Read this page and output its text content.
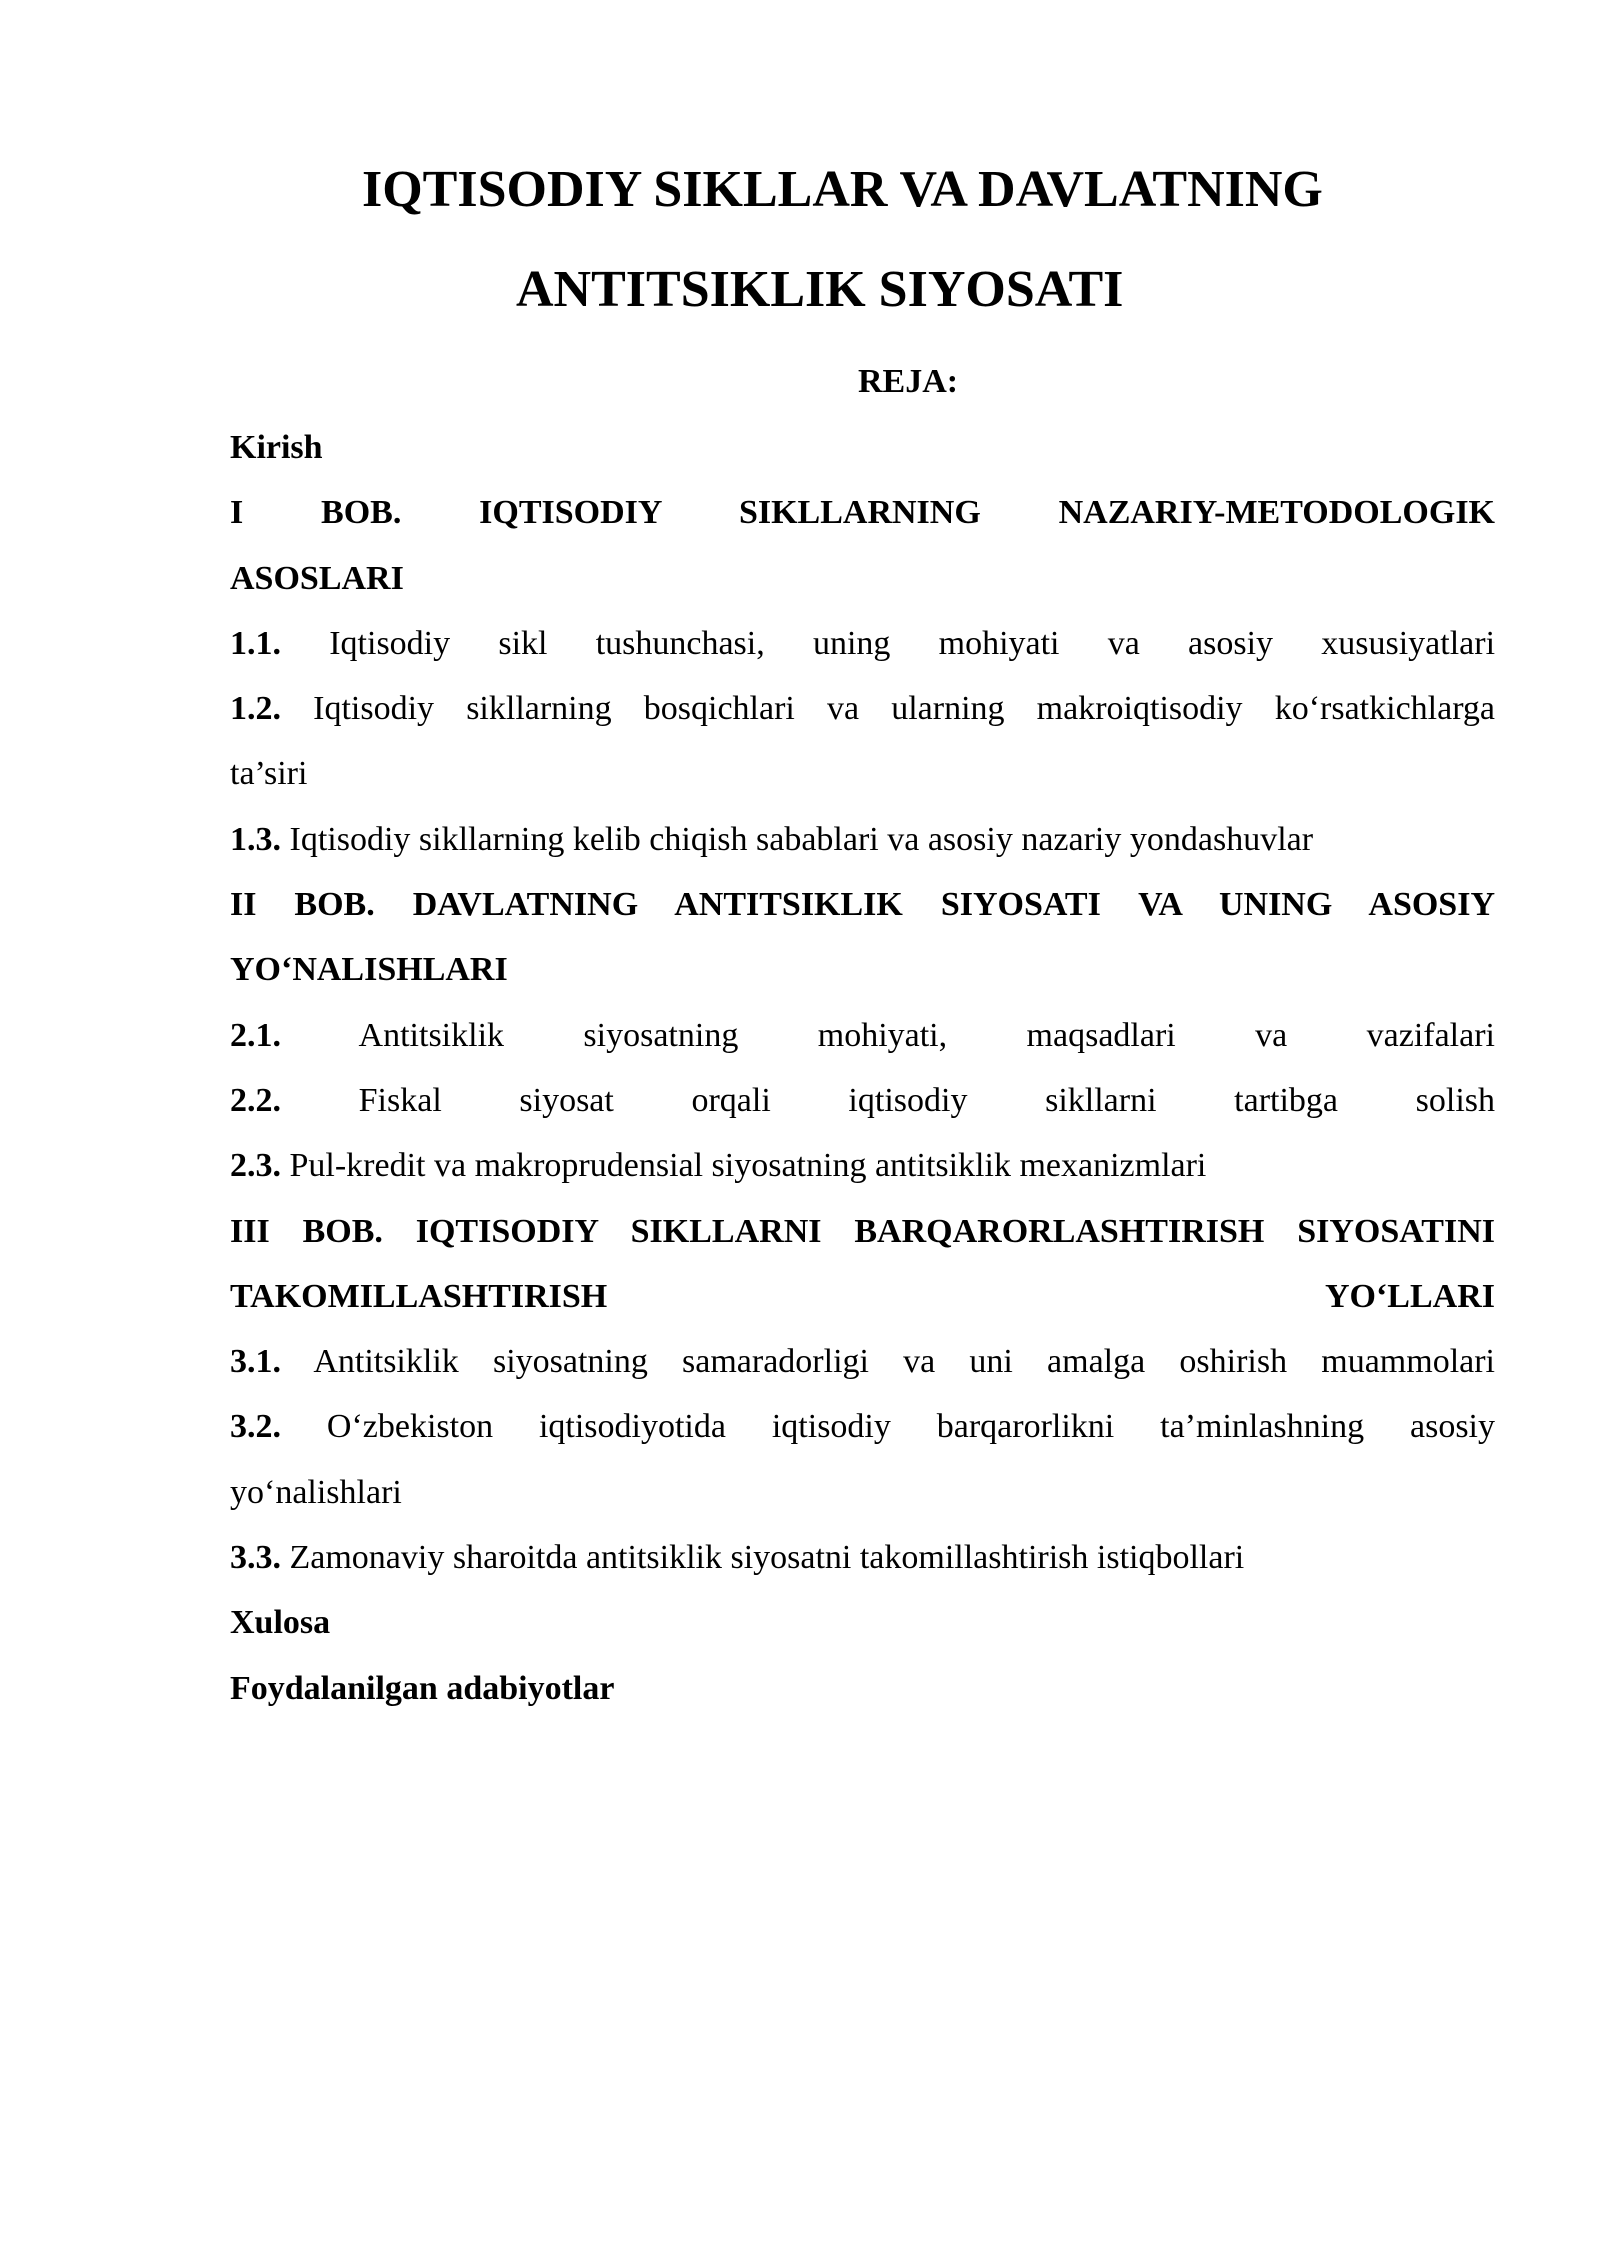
IQTISODIY SIKLLAR VA DAVLATNING
ANTITSIKLIK SIYOSATI
REJA:

Kirish

I BOB. IQTISODIY SIKLLARNING NAZARIY-METODOLOGIK

ASOSLARI

1.1. Iqtisodiy sikl tushunchasi, uning mohiyati va asosiy xususiyatlari

1.2. Iqtisodiy sikllarning bosqichlari va ularning makroiqtisodiy ko‘rsatkichlarga

ta’siri

1.3. Iqtisodiy sikllarning kelib chiqish sabablari va asosiy nazariy yondashuvlar

II BOB. DAVLATNING ANTITSIKLIK SIYOSATI VA UNING ASOSIY

YO‘NALISHLARI

2.1. Antitsiklik siyosatning mohiyati, maqsadlari va vazifalari

2.2. Fiskal siyosat orqali iqtisodiy sikllarni tartibga solish

2.3. Pul-kredit va makroprudensial siyosatning antitsiklik mexanizmlari

III BOB. IQTISODIY SIKLLARNI BARQARORLASHTIRISH SIYOSATINI

TAKOMILLASHTIRISH	YO‘LLARI

3.1. Antitsiklik siyosatning samaradorligi va uni amalga oshirish muammolari

3.2. O‘zbekiston iqtisodiyotida iqtisodiy barqarorlikni ta’minlashning asosiy

yo‘nalishlari

3.3. Zamonaviy sharoitda antitsiklik siyosatni takomillashtirish istiqbollari

Xulosa

Foydalanilgan adabiyotlar
